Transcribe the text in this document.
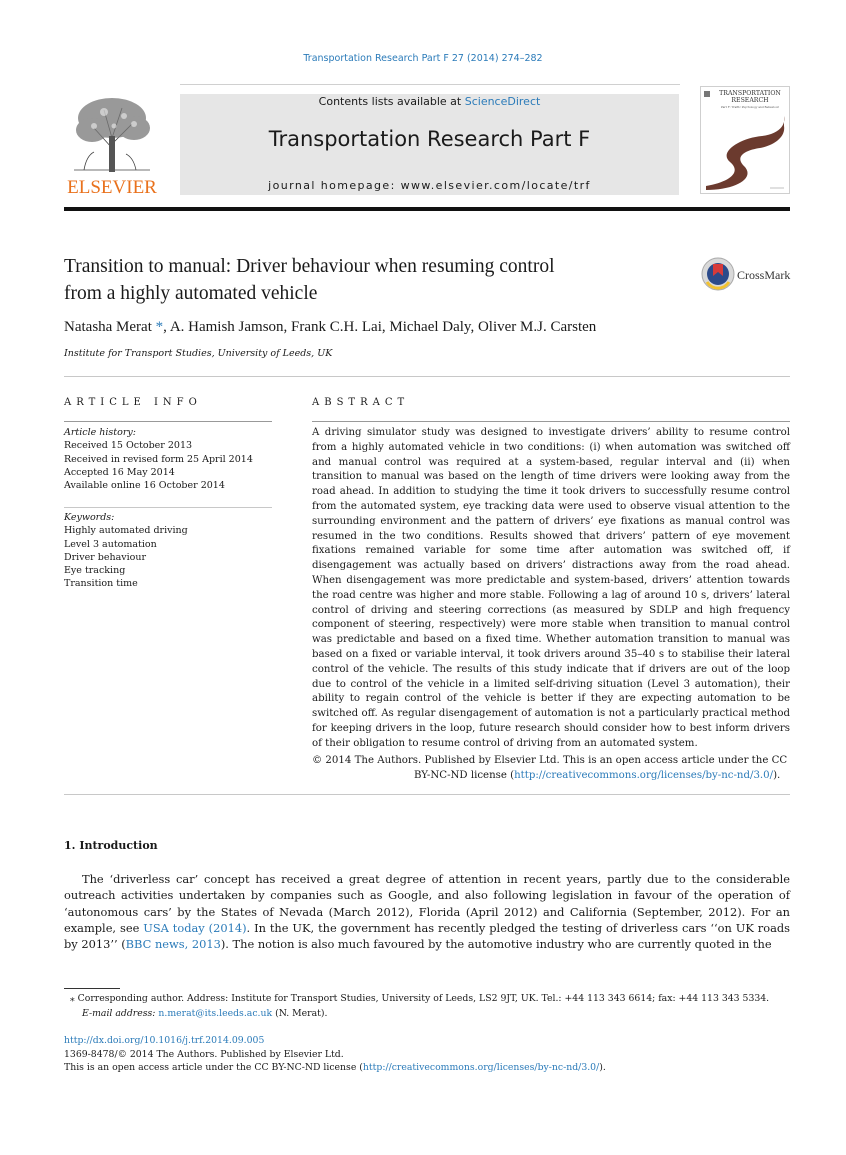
Transportation Research Part F 27 (2014) 274–282
ELSEVIER
Contents lists available at ScienceDirect
Transportation Research Part F
journal homepage: www.elsevier.com/locate/trf
TRANSPORTATION
RESEARCH
Part F: Traffic Psychology and Behaviour
Transition to manual: Driver behaviour when resuming control
from a highly automated vehicle
CrossMark
Natasha Merat *, A. Hamish Jamson, Frank C.H. Lai, Michael Daly, Oliver M.J. Carsten
Institute for Transport Studies, University of Leeds, UK
ARTICLE INFO	ABSTRACT
Article history:
Received 15 October 2013
Received in revised form 25 April 2014
Accepted 16 May 2014
Available online 16 October 2014
Keywords:
Highly automated driving
Level 3 automation
Driver behaviour
Eye tracking
Transition time
A driving simulator study was designed to investigate drivers’ ability to resume control from a highly automated vehicle in two conditions: (i) when automation was switched off and manual control was required at a system-based, regular interval and (ii) when transition to manual was based on the length of time drivers were looking away from the road ahead. In addition to studying the time it took drivers to successfully resume control from the automated system, eye tracking data were used to observe visual attention to the surrounding environment and the pattern of drivers’ eye fixations as manual control was resumed in the two conditions. Results showed that drivers’ pattern of eye movement fixations remained variable for some time after automation was switched off, if disengagement was actually based on drivers’ distractions away from the road ahead. When disengagement was more predictable and system-based, drivers’ attention towards the road centre was higher and more stable. Following a lag of around 10 s, drivers’ lateral control of driving and steering corrections (as measured by SDLP and high frequency component of steering, respectively) were more stable when transition to manual control was predictable and based on a fixed time. Whether automation transition to manual was based on a fixed or variable interval, it took drivers around 35–40 s to stabilise their lateral control of the vehicle. The results of this study indicate that if drivers are out of the loop due to control of the vehicle in a limited self-driving situation (Level 3 automation), their ability to regain control of the vehicle is better if they are expecting automation to be switched off. As regular disengagement of automation is not a particularly practical method for keeping drivers in the loop, future research should consider how to best inform drivers of their obligation to resume control of driving from an automated system.
© 2014 The Authors. Published by Elsevier Ltd. This is an open access article under the CC
BY-NC-ND license (http://creativecommons.org/licenses/by-nc-nd/3.0/).
1. Introduction
The ‘driverless car’ concept has received a great degree of attention in recent years, partly due to the considerable outreach activities undertaken by companies such as Google, and also following legislation in favour of the operation of ‘autonomous cars’ by the States of Nevada (March 2012), Florida (April 2012) and California (September, 2012). For an example, see USA today (2014). In the UK, the government has recently pledged the testing of driverless cars ‘‘on UK roads by 2013’’ (BBC news, 2013). The notion is also much favoured by the automotive industry who are currently quoted in the
⁎ Corresponding author. Address: Institute for Transport Studies, University of Leeds, LS2 9JT, UK. Tel.: +44 113 343 6614; fax: +44 113 343 5334.
E-mail address: n.merat@its.leeds.ac.uk (N. Merat).
http://dx.doi.org/10.1016/j.trf.2014.09.005
1369-8478/© 2014 The Authors. Published by Elsevier Ltd.
This is an open access article under the CC BY-NC-ND license (http://creativecommons.org/licenses/by-nc-nd/3.0/).
